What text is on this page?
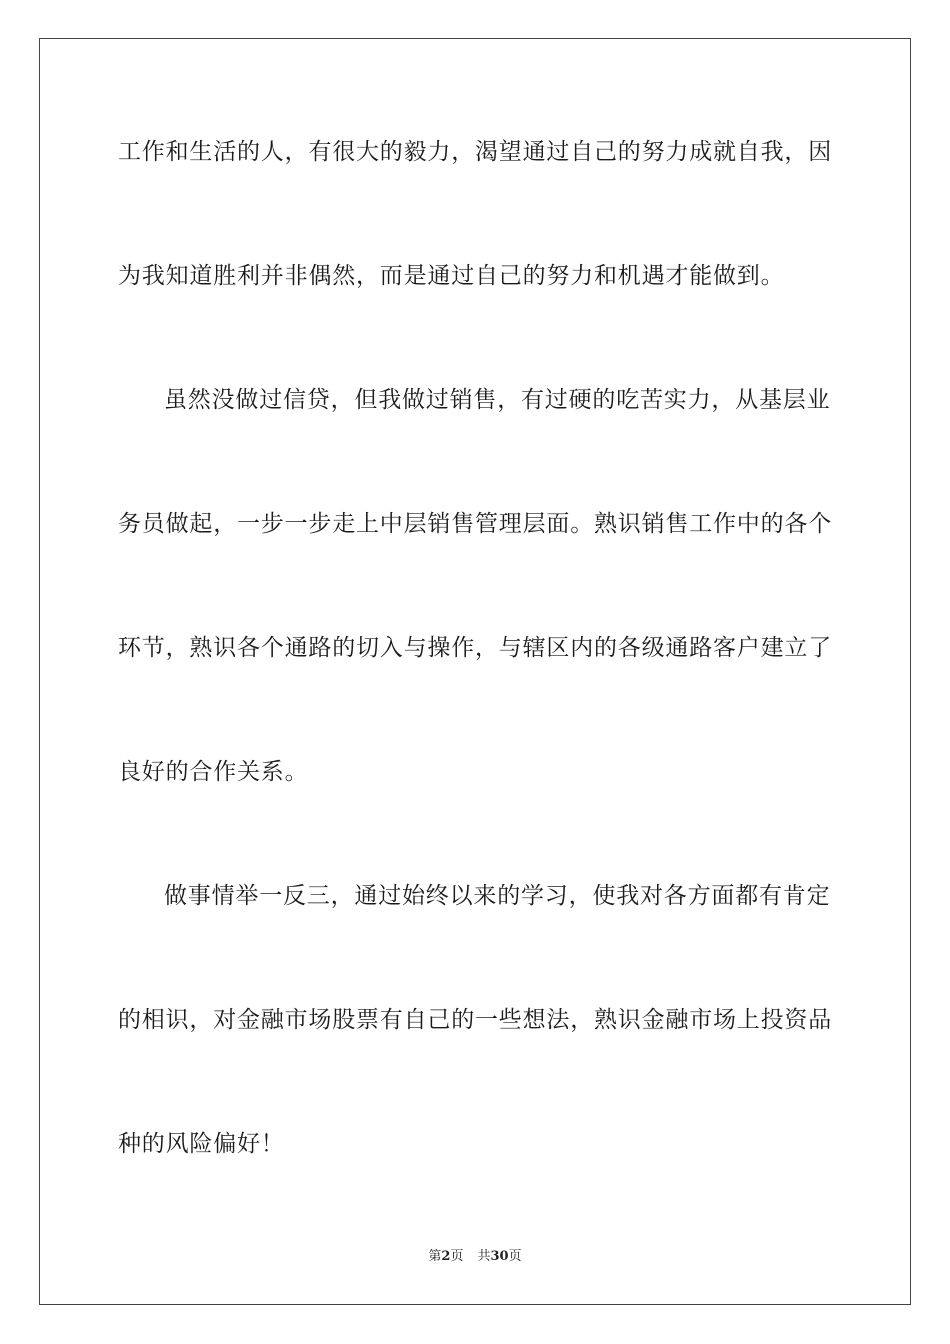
工作和生活的人，有很大的毅力，渴望通过自己的努力成就自我，因
为我知道胜利并非偶然，而是通过自己的努力和机遇才能做到。
虽然没做过信贷，但我做过销售，有过硬的吃苦实力，从基层业
务员做起，一步一步走上中层销售管理层面。熟识销售工作中的各个
环节，熟识各个通路的切入与操作，与辖区内的各级通路客户建立了
良好的合作关系。
做事情举一反三，通过始终以来的学习，使我对各方面都有肯定
的相识，对金融市场股票有自己的一些想法，熟识金融市场上投资品
种的风险偏好！
第2页 共30页
